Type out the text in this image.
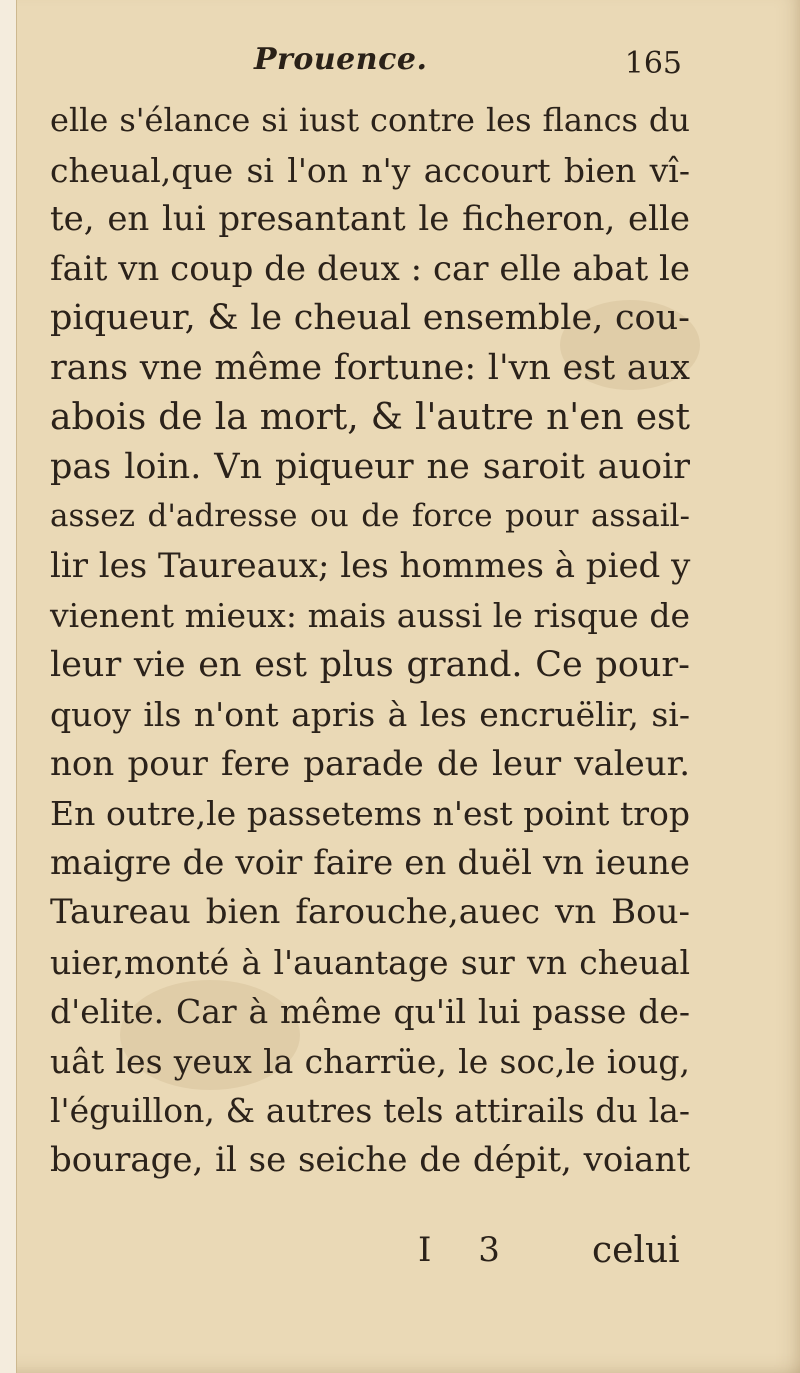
Prouence.	165
elle s'élance si iust contre les flancs du
cheual,que si l'on n'y accourt bien vî-
te, en lui presantant le ficheron, elle
fait vn coup de deux : car elle abat le
piqueur, & le cheual ensemble, cou-
rans vne même fortune: l'vn est aux
abois de la mort, & l'autre n'en est
pas loin. Vn piqueur ne saroit auoir
assez d'adresse ou de force pour assail-
lir les Taureaux; les hommes à pied y
vienent mieux: mais aussi le risque de
leur vie en est plus grand. Ce pour-
quoy ils n'ont apris à les encruëlir, si-
non pour fere parade de leur valeur.
En outre,le passetems n'est point trop
maigre de voir faire en duël vn ieune
Taureau bien farouche,auec vn Bou-
uier,monté à l'auantage sur vn cheual
d'elite. Car à même qu'il lui passe de-
uât les yeux la charrüe, le soc,le ioug,
l'éguillon, & autres tels attirails du la-
bourage, il se seiche de dépit, voiant
I 3 celui
